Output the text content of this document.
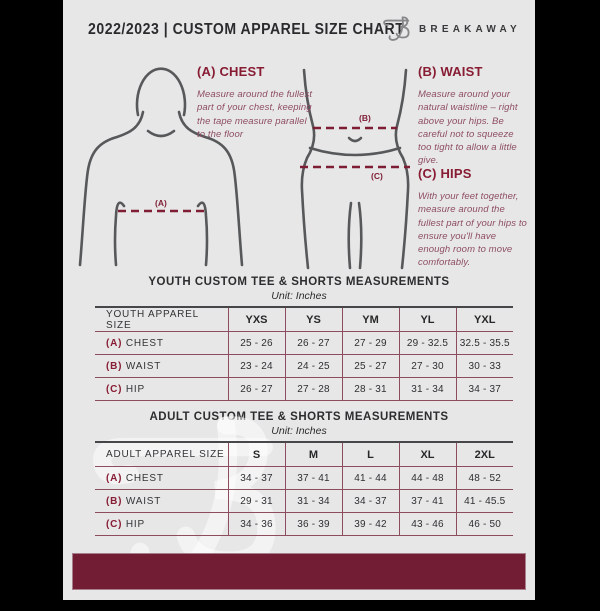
2022/2023 | CUSTOM APPAREL SIZE CHART BREAKAWAY
(A)
(B)
(C)
(A) CHEST

Measure around the fullest part of your chest, keeping the tape measure parallel to the floor

(B) WAIST

Measure around your natural waistline – right above your hips. Be careful not to squeeze too tight to allow a little give.

(C) HIPS

With your feet together, measure around the fullest part of your hips to ensure you'll have enough room to move comfortably.

YOUTH CUSTOM TEE & SHORTS MEASUREMENTS
Unit: Inches
YOUTH APPAREL SIZE	YXS	YS	YM	YL	YXL
(A) CHEST	25 - 26	26 - 27	27 - 29	29 - 32.5	32.5 - 35.5
(B) WAIST	23 - 24	24 - 25	25 - 27	27 - 30	30 - 33
(C) HIP	26 - 27	27 - 28	28 - 31	31 - 34	34 - 37
ADULT CUSTOM TEE & SHORTS MEASUREMENTS
Unit: Inches
ADULT APPAREL SIZE	S	M	L	XL	2XL
(A) CHEST	34 - 37	37 - 41	41 - 44	44 - 48	48 - 52
(B) WAIST	29 - 31	31 - 34	34 - 37	37 - 41	41 - 45.5
(C) HIP	34 - 36	36 - 39	39 - 42	43 - 46	46 - 50
